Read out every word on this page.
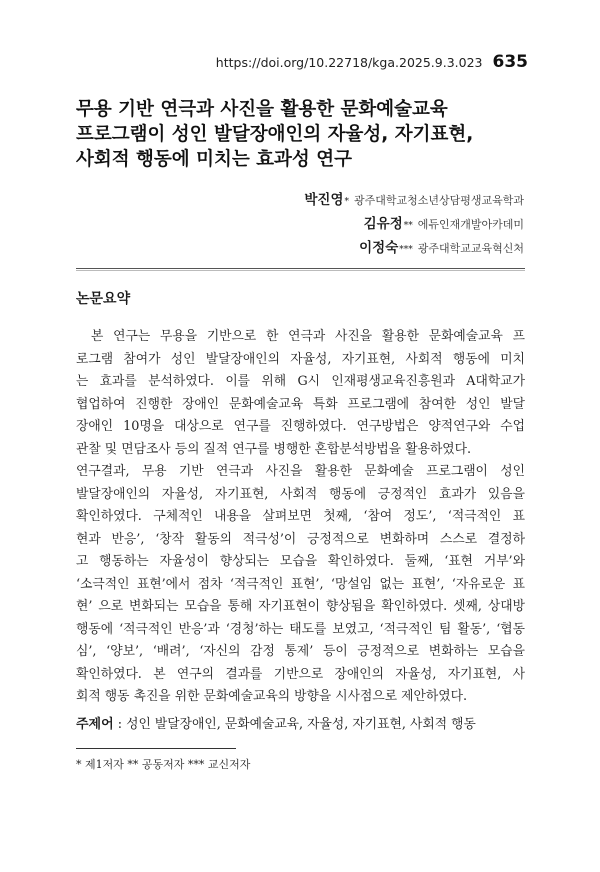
https://doi.org/10.22718/kga.2025.9.3.023 635
무용 기반 연극과 사진을 활용한 문화예술교육
프로그램이 성인 발달장애인의 자율성, 자기표현,
사회적 행동에 미치는 효과성 연구
박진영 * 광주대학교청소년상담평생교육학과
김유정 ** 에듀인재개발아카데미
이정숙 *** 광주대학교교육혁신처
논문요약
본 연구는 무용을 기반으로 한 연극과 사진을 활용한 문화예술교육 프
로그램 참여가 성인 발달장애인의 자율성, 자기표현, 사회적 행동에 미치
는 효과를 분석하였다. 이를 위해 G시 인재평생교육진흥원과 A대학교가
협업하여 진행한 장애인 문화예술교육 특화 프로그램에 참여한 성인 발달
장애인 10명을 대상으로 연구를 진행하였다. 연구방법은 양적연구와 수업
관찰 및 면담조사 등의 질적 연구를 병행한 혼합분석방법을 활용하였다.
연구결과, 무용 기반 연극과 사진을 활용한 문화예술 프로그램이 성인
발달장애인의 자율성, 자기표현, 사회적 행동에 긍정적인 효과가 있음을
확인하였다. 구체적인 내용을 살펴보면 첫째, ‘참여 정도’, ‘적극적인 표
현과 반응’, ‘창작 활동의 적극성’이 긍정적으로 변화하며 스스로 결정하
고 행동하는 자율성이 향상되는 모습을 확인하였다. 둘째, ‘표현 거부’와
‘소극적인 표현’에서 점차 ‘적극적인 표현’, ‘망설임 없는 표현’, ‘자유로운 표
현’ 으로 변화되는 모습을 통해 자기표현이 향상됨을 확인하였다. 셋째, 상대방
행동에 ‘적극적인 반응’과 ‘경청’하는 태도를 보였고, ‘적극적인 팀 활동’, ‘협동
심’, ‘양보’, ‘배려’, ‘자신의 감정 통제’ 등이 긍정적으로 변화하는 모습을
확인하였다. 본 연구의 결과를 기반으로 장애인의 자율성, 자기표현, 사
회적 행동 촉진을 위한 문화예술교육의 방향을 시사점으로 제안하였다.
주제어 : 성인 발달장애인, 문화예술교육, 자율성, 자기표현, 사회적 행동
* 제1저자 ** 공동저자 *** 교신저자
